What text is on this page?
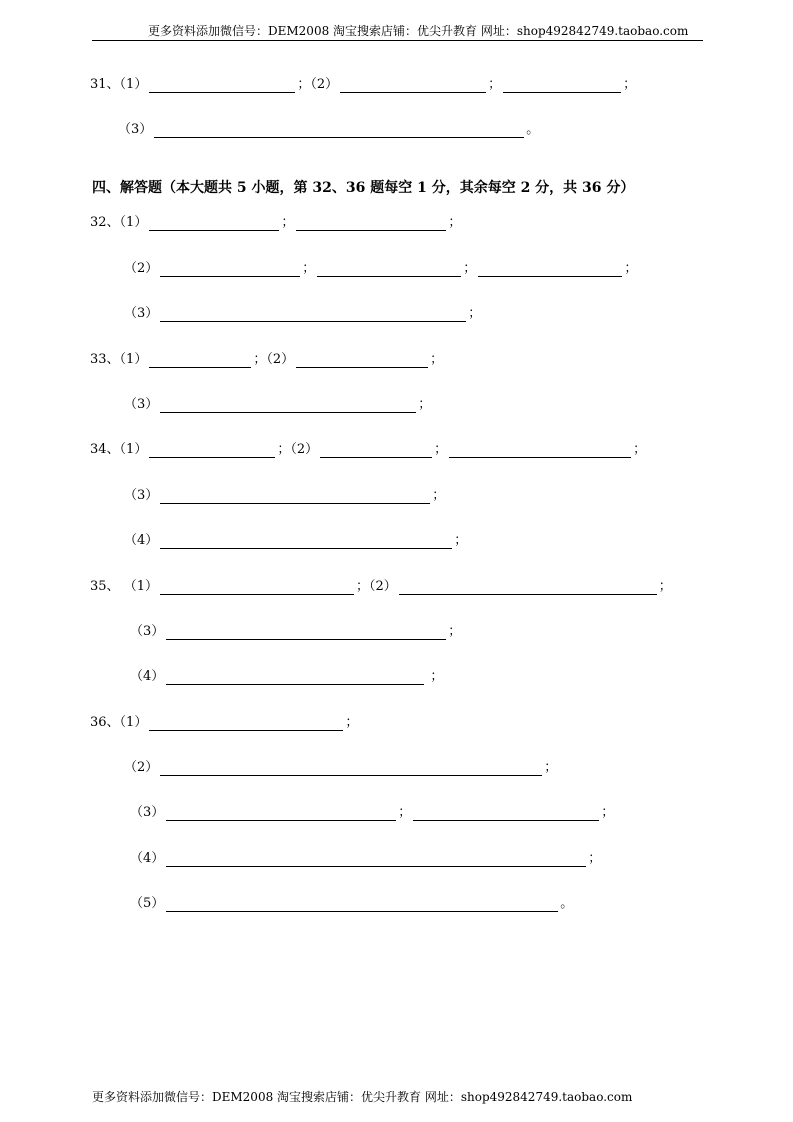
更多资料添加微信号：DEM2008 淘宝搜索店铺：优尖升教育 网址：shop492842749.taobao.com
31、（1）	；（2）	；	；
（3）	。
四、解答题（本大题共 5 小题，第 32、36 题每空 1 分，其余每空 2 分，共 36 分）
32、（1）	；	；
（2）	；	；	；
（3）	；
33、（1）	；（2）	；
（3）	；
34、（1）	；（2）	；	；
（3）	；
（4）	；
35、 （1）	；（2）	；
（3）	；
（4）	；
36、（1）	；
（2）	；
（3）	；	；
（4）	；
（5）	。
更多资料添加微信号：DEM2008 淘宝搜索店铺：优尖升教育 网址：shop492842749.taobao.com
